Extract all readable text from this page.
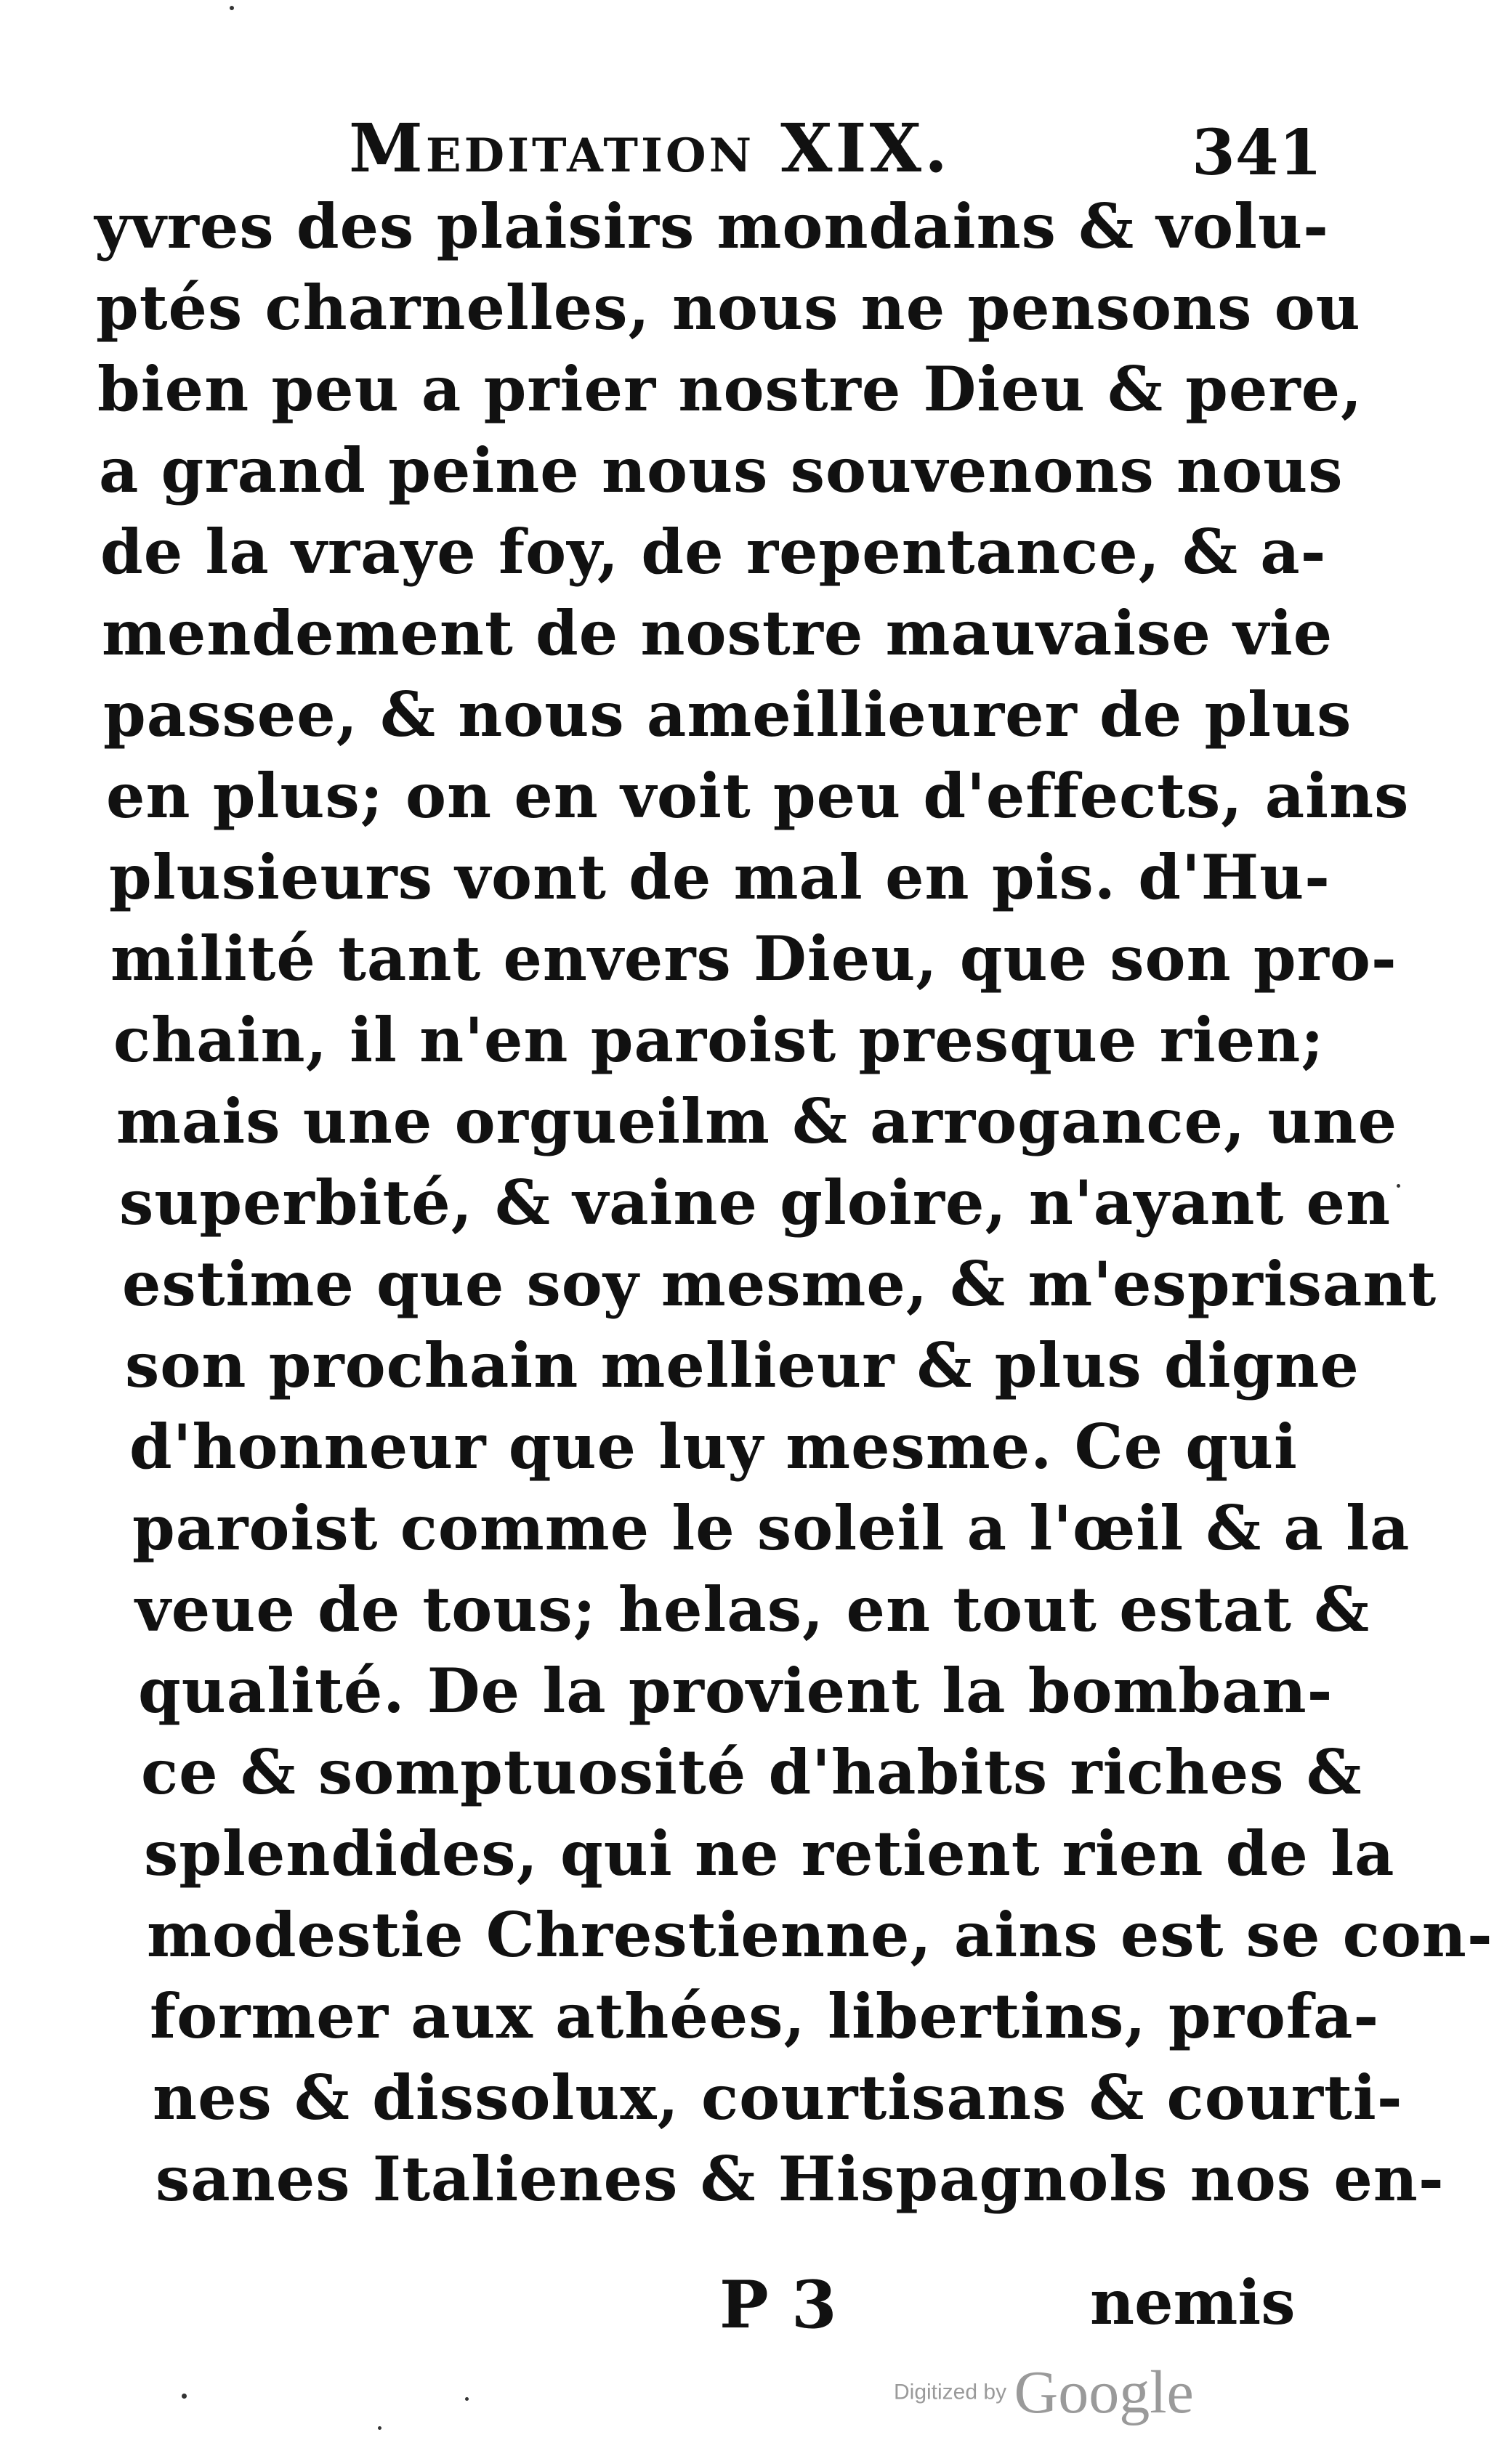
Meditation XIX.	341
yvres des plaisirs mondains & volu-
ptés charnelles, nous ne pensons ou
bien peu a prier nostre Dieu & pere,
a grand peine nous souvenons nous
de la vraye foy, de repentance, & a-
mendement de nostre mauvaise vie
passee, & nous ameillieurer de plus
en plus; on en voit peu d'effects, ains
plusieurs vont de mal en pis. d'Hu-
milité tant envers Dieu, que son pro-
chain, il n'en paroist presque rien;
mais une orgueilm & arrogance, une
superbité, & vaine gloire, n'ayant en
estime que soy mesme, & m'esprisant
son prochain mellieur & plus digne
d'honneur que luy mesme. Ce qui
paroist comme le soleil a l'œil & a la
veue de tous; helas, en tout estat &
qualité. De la provient la bomban-
ce & somptuosité d'habits riches &
splendides, qui ne retient rien de la
modestie Chrestienne, ains est se con-
former aux athées, libertins, profa-
nes & dissolux, courtisans & courti-
sanes Italienes & Hispagnols nos en-
P 3	nemis
Digitized by Google
